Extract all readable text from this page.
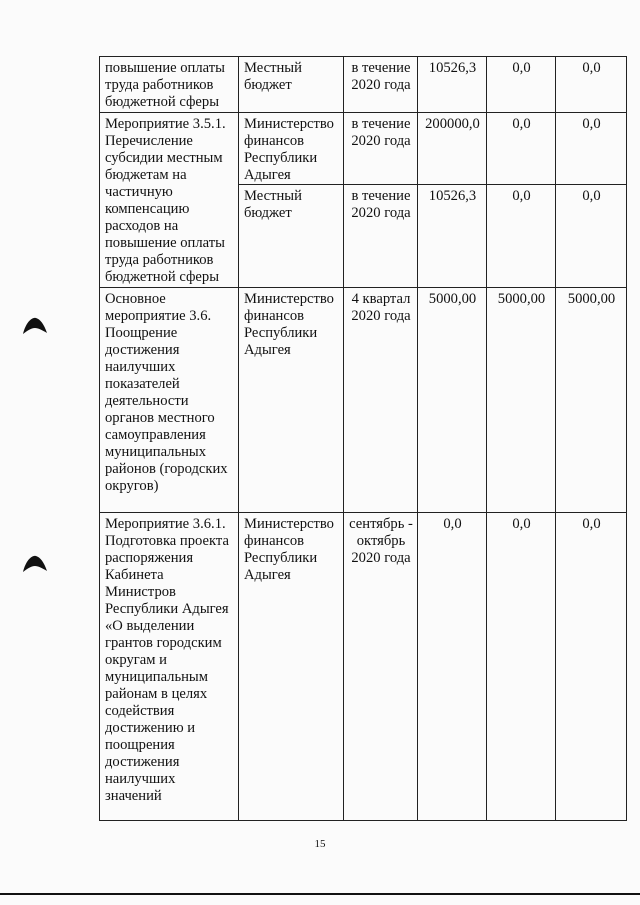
повышение оплаты труда работников бюджетной сферы	Местный бюджет	в течение 2020 года	10526,3	0,0	0,0
Мероприятие 3.5.1. Перечисление субсидии местным бюджетам на частичную компенсацию расходов на повышение оплаты труда работников бюджетной сферы	Министерство финансов Республики Адыгея	в течение 2020 года	200000,0	0,0	0,0
	Местный бюджет	в течение 2020 года	10526,3	0,0	0,0
Основное мероприятие 3.6. Поощрение достижения наилучших показателей деятельности органов местного самоуправления муниципальных районов (городских округов)	Министерство финансов Республики Адыгея	4 квартал 2020 года	5000,00	5000,00	5000,00
Мероприятие 3.6.1. Подготовка проекта распоряжения Кабинета Министров Республики Адыгея «О выделении грантов городским округам и муниципальным районам в целях содействия достижению и поощрения достижения наилучших значений	Министерство финансов Республики Адыгея	сентябрь - октябрь 2020 года	0,0	0,0	0,0
15
